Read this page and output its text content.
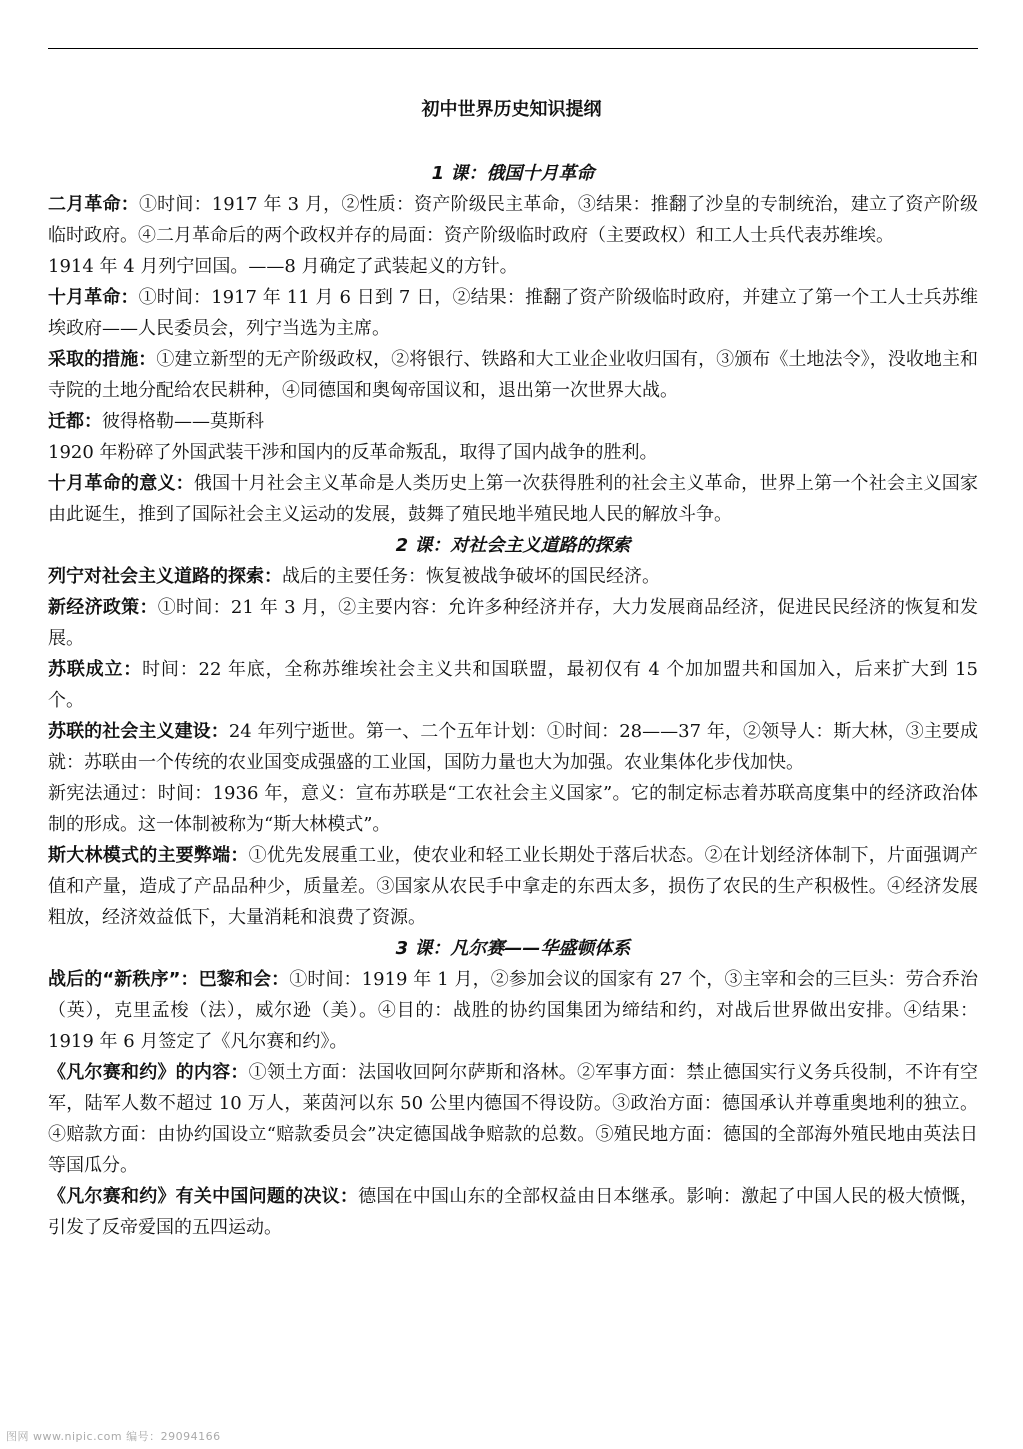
初中世界历史知识提纲
1 课：俄国十月革命

二月革命：①时间：1917 年 3 月，②性质：资产阶级民主革命，③结果：推翻了沙皇的专制统治，建立了资产阶级临时政府。④二月革命后的两个政权并存的局面：资产阶级临时政府（主要政权）和工人士兵代表苏维埃。

1914 年 4 月列宁回国。——8 月确定了武装起义的方针。

十月革命：①时间：1917 年 11 月 6 日到 7 日，②结果：推翻了资产阶级临时政府，并建立了第一个工人士兵苏维埃政府——人民委员会，列宁当选为主席。

采取的措施：①建立新型的无产阶级政权，②将银行、铁路和大工业企业收归国有，③颁布《土地法令》，没收地主和寺院的土地分配给农民耕种，④同德国和奥匈帝国议和，退出第一次世界大战。

迁都：彼得格勒——莫斯科

1920 年粉碎了外国武装干涉和国内的反革命叛乱，取得了国内战争的胜利。

十月革命的意义：俄国十月社会主义革命是人类历史上第一次获得胜利的社会主义革命，世界上第一个社会主义国家由此诞生，推到了国际社会主义运动的发展，鼓舞了殖民地半殖民地人民的解放斗争。

2 课：对社会主义道路的探索

列宁对社会主义道路的探索：战后的主要任务：恢复被战争破坏的国民经济。

新经济政策：①时间：21 年 3 月，②主要内容：允许多种经济并存，大力发展商品经济，促进民民经济的恢复和发展。

苏联成立：时间：22 年底，全称苏维埃社会主义共和国联盟，最初仅有 4 个加加盟共和国加入，后来扩大到 15 个。

苏联的社会主义建设：24 年列宁逝世。第一、二个五年计划：①时间：28——37 年，②领导人：斯大林，③主要成就：苏联由一个传统的农业国变成强盛的工业国，国防力量也大为加强。农业集体化步伐加快。

新宪法通过：时间：1936 年，意义：宣布苏联是“工农社会主义国家”。它的制定标志着苏联高度集中的经济政治体制的形成。这一体制被称为“斯大林模式”。

斯大林模式的主要弊端：①优先发展重工业，使农业和轻工业长期处于落后状态。②在计划经济体制下，片面强调产值和产量，造成了产品品种少，质量差。③国家从农民手中拿走的东西太多，损伤了农民的生产积极性。④经济发展粗放，经济效益低下，大量消耗和浪费了资源。

3 课：凡尔赛——华盛顿体系

战后的“新秩序”：巴黎和会：①时间：1919 年 1 月，②参加会议的国家有 27 个，③主宰和会的三巨头：劳合乔治（英），克里孟梭（法），威尔逊（美）。④目的：战胜的协约国集团为缔结和约，对战后世界做出安排。④结果：1919 年 6 月签定了《凡尔赛和约》。

《凡尔赛和约》的内容：①领土方面：法国收回阿尔萨斯和洛林。②军事方面：禁止德国实行义务兵役制，不许有空军，陆军人数不超过 10 万人，莱茵河以东 50 公里内德国不得设防。③政治方面：德国承认并尊重奥地利的独立。④赔款方面：由协约国设立“赔款委员会”决定德国战争赔款的总数。⑤殖民地方面：德国的全部海外殖民地由英法日等国瓜分。

《凡尔赛和约》有关中国问题的决议：德国在中国山东的全部权益由日本继承。影响：激起了中国人民的极大愤慨，引发了反帝爱国的五四运动。

图网 www.nipic.com 编号：29094166
